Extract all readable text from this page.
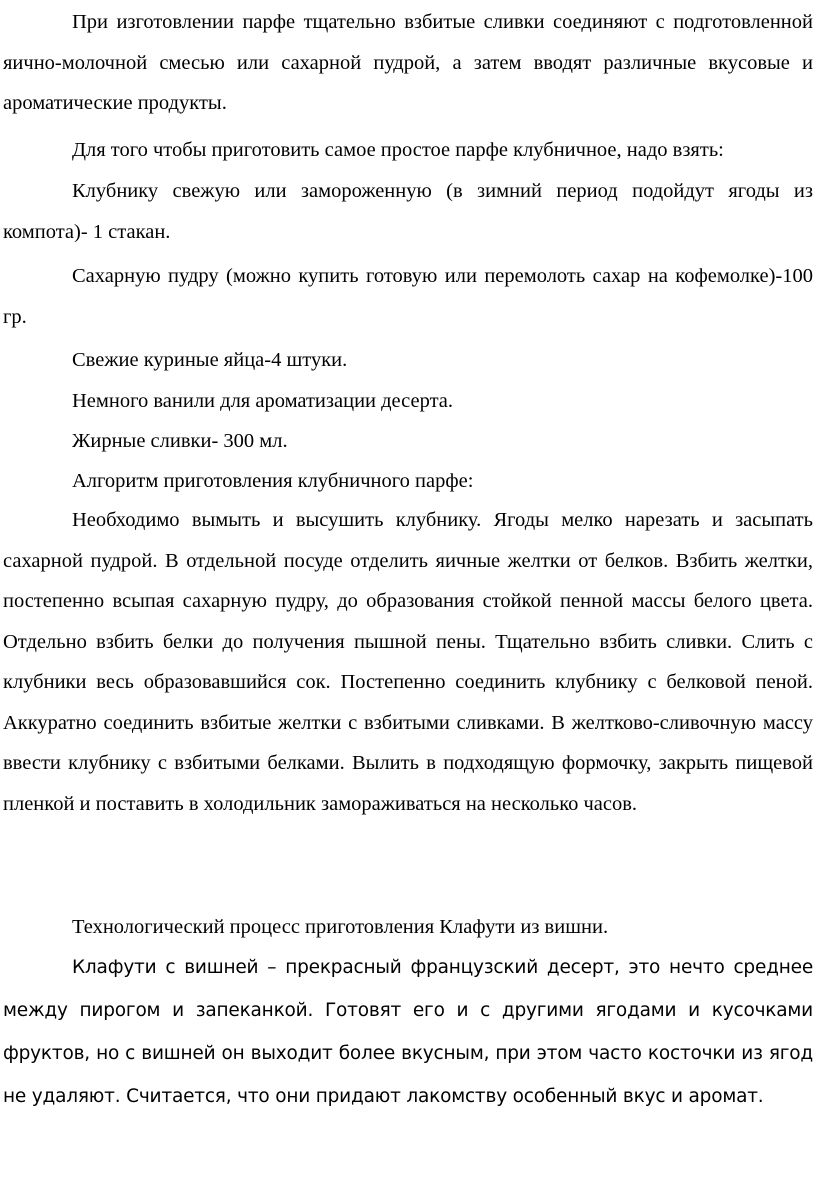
При изготовлении парфе тщательно взбитые сливки соединяют с подготовленной яично-молочной смесью или сахарной пудрой, а затем вводят различные вкусовые и ароматические продукты.

Для того чтобы приготовить самое простое парфе клубничное, надо взять:

Клубнику свежую или замороженную (в зимний период подойдут ягоды из компота)- 1 стакан.

Сахарную пудру (можно купить готовую или перемолоть сахар на кофемолке)-100 гр.

Свежие куриные яйца-4 штуки.

Немного ванили для ароматизации десерта.

Жирные сливки- 300 мл.

Алгоритм приготовления клубничного парфе:

Необходимо вымыть и высушить клубнику. Ягоды мелко нарезать и засыпать сахарной пудрой. В отдельной посуде отделить яичные желтки от белков. Взбить желтки, постепенно всыпая сахарную пудру, до образования стойкой пенной массы белого цвета. Отдельно взбить белки до получения пышной пены. Тщательно взбить сливки. Слить с клубники весь образовавшийся сок. Постепенно соединить клубнику с белковой пеной. Аккуратно соединить взбитые желтки с взбитыми сливками. В желтково-сливочную массу ввести клубнику с взбитыми белками. Вылить в подходящую формочку, закрыть пищевой пленкой и поставить в холодильник замораживаться на несколько часов.

Технологический процесс приготовления Клафути из вишни.

Клафути с вишней – прекрасный французский десерт, это нечто среднее между пирогом и запеканкой. Готовят его и с другими ягодами и кусочками фруктов, но с вишней он выходит более вкусным, при этом часто косточки из ягод не удаляют. Считается, что они придают лакомству особенный вкус и аромат.
